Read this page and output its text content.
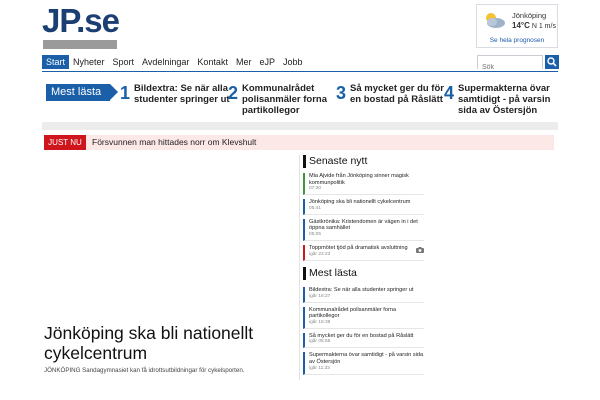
JP.se	Jönköping
14°C N 1 m/s
Se hela prognosen
Start Nyheter Sport Avdelningar Kontakt Mer eJP Jobb
Sök
Mest lästa	1 Bildextra: Se när alla studenter springer ut
2 Kommunalrådet polisanmäler forna partikollegor
3 Så mycket ger du för en bostad på Råslätt 4 Supermakterna övar samtidigt - på varsin sida av Östersjön
JUST NU	Försvunnen man hittades norr om Klevshult
Jönköping ska bli nationellt cykelcentrum
JÖNKÖPING Sandagymnasiet kan få idrottsutbildningar för cykelsporten.
Senaste nytt
Mia Ajvide från Jönköping sinner magisk kommunpolitik
07:30
Jönköping ska bli nationellt cykelcentrum
05:41
Gästkrönika: Kristendomen är vägen in i det öppna samhället
05:05
Toppmötet tjöd på dramatisk avsluttning
igår 22:23
Mest lästa
Bildextra: Se när alla studenter springer ut
igår 16:27
Kommunalrådet polisanmäler forna partikollegor
igår 15:38
Så mycket ger du för en bostad på Råslätt
igår 05:55
Supermakterna övar samtidigt - på varsin sida av Östersjön
igår 11:33
